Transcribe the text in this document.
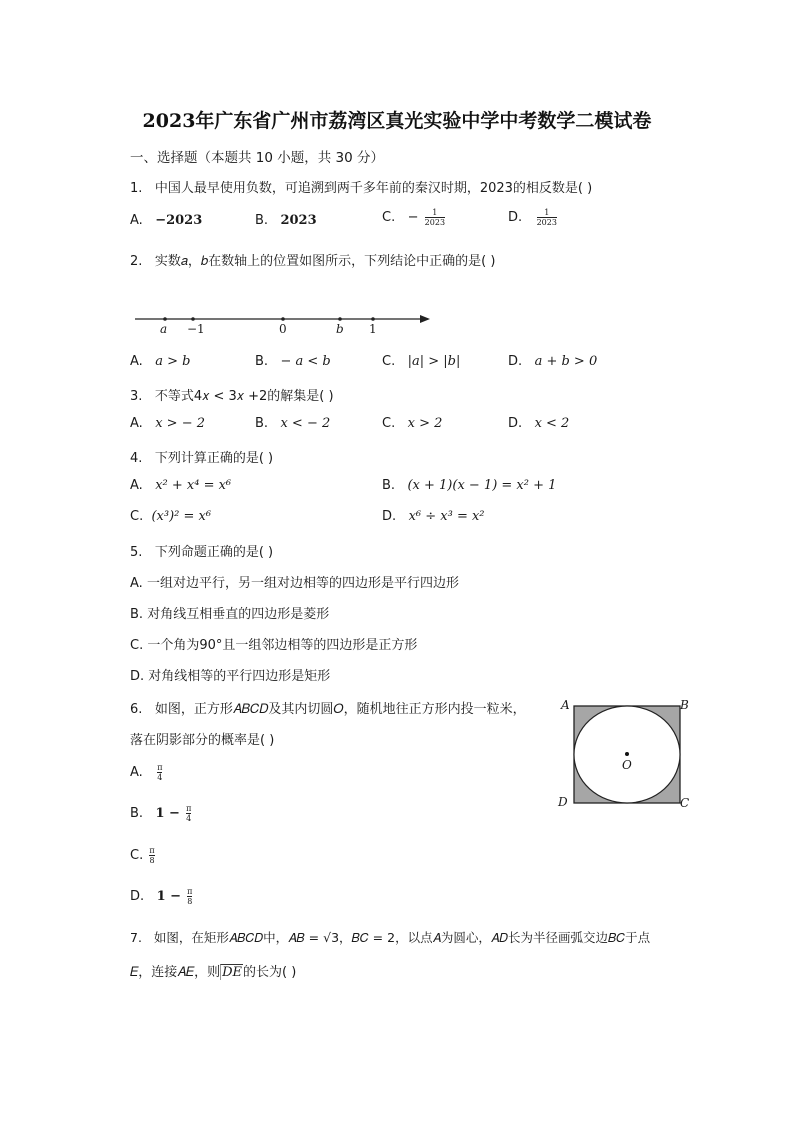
2023年广东省广州市荔湾区真光实验中学中考数学二模试卷
一、选择题（本题共 10 小题，共 30 分）
1. 中国人最早使用负数，可追溯到两千多年前的秦汉时期，2023的相反数是( )
A. −2023	B. 2023	C. − $\frac{1}{2023}$	D. $\frac{1}{2023}$
2. 实数𝑎，𝑏在数轴上的位置如图所示，下列结论中正确的是( )
𝑎 −1	0	𝑏 1
A. 𝑎 > 𝑏	B. − 𝑎 < 𝑏	C. |𝑎| > |𝑏|	D. 𝑎 + 𝑏 > 0
3. 不等式4𝑥 < 3𝑥 +2的解集是( )
A. 𝑥 > − 2	B. 𝑥 < − 2	C. 𝑥 > 2	D. 𝑥 < 2
4. 下列计算正确的是( )
A. 𝑥² + 𝑥⁴ = 𝑥⁶	B. (𝑥 + 1)(𝑥 − 1) = 𝑥² + 1
C. (𝑥³)² = 𝑥⁶	D. 𝑥⁶ ÷ 𝑥³ = 𝑥²
5. 下列命题正确的是( )
A. 一组对边平行，另一组对边相等的四边形是平行四边形
B. 对角线互相垂直的四边形是菱形
C. 一个角为90°且一组邻边相等的四边形是正方形
D. 对角线相等的平行四边形是矩形
6. 如图，正方形𝐴𝐵𝐶𝐷及其内切圆𝑂，随机地往正方形内投一粒米，
落在阴影部分的概率是( )
A	B
C
D
O
A. $\frac{\pi}{4}$
B. $1 - \frac{\pi}{4}$
C. $\frac{\pi}{8}$
D. $1 - \frac{\pi}{8}$
7. 如图，在矩形𝐴𝐵𝐶𝐷中，𝐴𝐵 = √3，𝐵𝐶 = 2，以点𝐴为圆心，𝐴𝐷长为半径画弧交边𝐵𝐶于点
𝐸，连接𝐴𝐸，则 𝐷𝐸的长为( )
